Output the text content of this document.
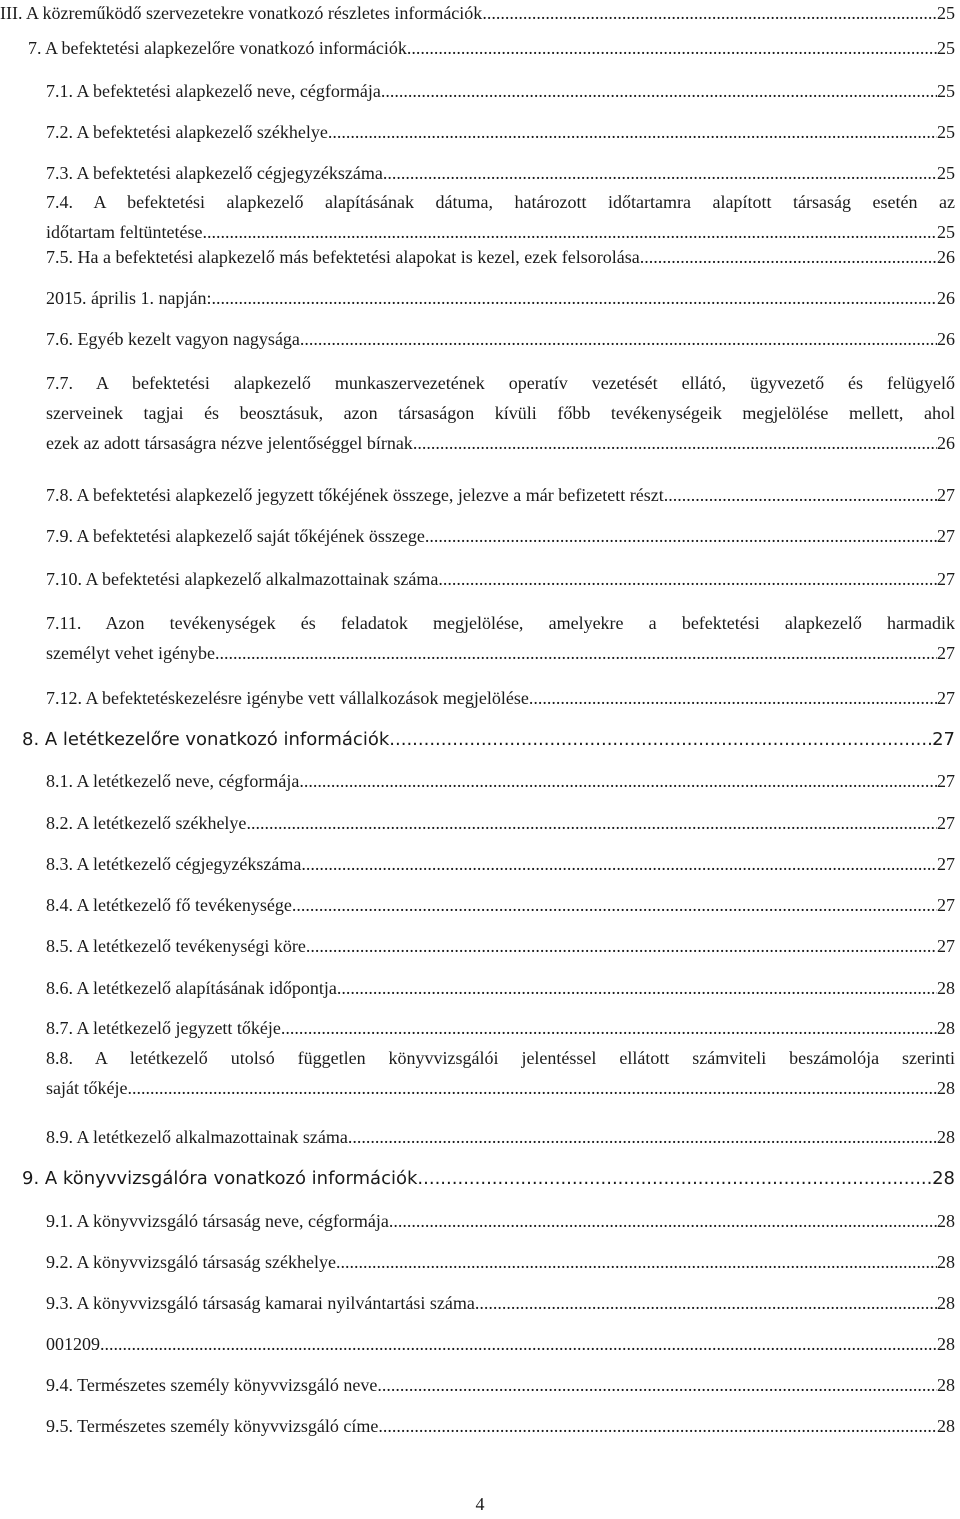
III. A közreműködő szervezetekre vonatkozó részletes információk .....	25
7. A befektetési alapkezelőre vonatkozó információk .....	25
7.1. A befektetési alapkezelő neve, cégformája .....	25
7.2. A befektetési alapkezelő székhelye .....	25
7.3. A befektetési alapkezelő cégjegyzékszáma .....	25
7.4. A befektetési alapkezelő alapításának dátuma, határozott időtartamra alapított társaság esetén az
időtartam feltüntetése .....	25
7.5. Ha a befektetési alapkezelő más befektetési alapokat is kezel, ezek felsorolása .....	26
2015. április 1. napján: .....	26
7.6. Egyéb kezelt vagyon nagysága .....	26
7.7. A befektetési alapkezelő munkaszervezetének operatív vezetését ellátó, ügyvezető és felügyelő
szerveinek tagjai és beosztásuk, azon társaságon kívüli főbb tevékenységeik megjelölése mellett, ahol
ezek az adott társaságra nézve jelentőséggel bírnak .....	26
7.8. A befektetési alapkezelő jegyzett tőkéjének összege, jelezve a már befizetett részt .....	27
7.9. A befektetési alapkezelő saját tőkéjének összege .....	27
7.10. A befektetési alapkezelő alkalmazottainak száma .....	27
7.11. Azon tevékenységek és feladatok megjelölése, amelyekre a befektetési alapkezelő harmadik
személyt vehet igénybe .....	27
7.12. A befektetéskezelésre igénybe vett vállalkozások megjelölése .....	27
8. A letétkezelőre vonatkozó információk .....	27
8.1. A letétkezelő neve, cégformája .....	27
8.2. A letétkezelő székhelye .....	27
8.3. A letétkezelő cégjegyzékszáma .....	27
8.4. A letétkezelő fő tevékenysége .....	27
8.5. A letétkezelő tevékenységi köre .....	27
8.6. A letétkezelő alapításának időpontja .....	28
8.7. A letétkezelő jegyzett tőkéje .....	28
8.8. A letétkezelő utolsó független könyvvizsgálói jelentéssel ellátott számviteli beszámolója szerinti
saját tőkéje .....	28
8.9. A letétkezelő alkalmazottainak száma .....	28
9. A könyvvizsgálóra vonatkozó információk .....	28
9.1. A könyvvizsgáló társaság neve, cégformája .....	28
9.2. A könyvvizsgáló társaság székhelye .....	28
9.3. A könyvvizsgáló társaság kamarai nyilvántartási száma .....	28
001209 .....	28
9.4. Természetes személy könyvvizsgáló neve .....	28
9.5. Természetes személy könyvvizsgáló címe .....	28
4
